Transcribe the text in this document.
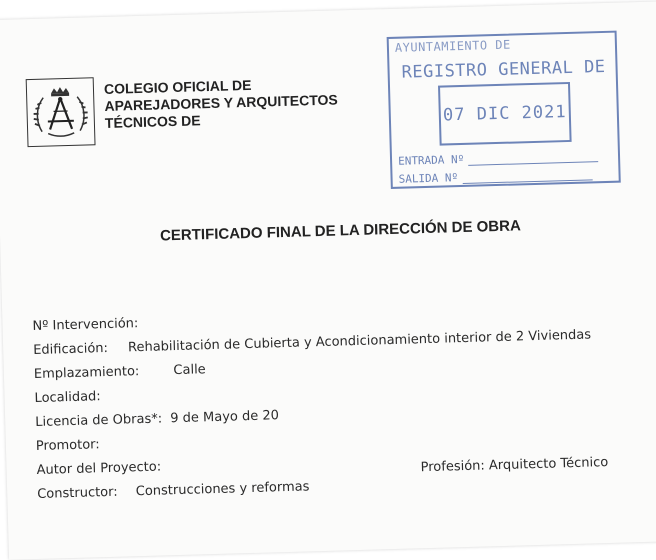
COLEGIO OFICIAL DE
APAREJADORES Y ARQUITECTOS
TÉCNICOS DE
AYUNTAMIENTO DE
REGISTRO GENERAL DE
07 DIC 2021
ENTRADA Nº
SALIDA Nº
CERTIFICADO FINAL DE LA DIRECCIÓN DE OBRA
Nº Intervención:
Edificación: Rehabilitación de Cubierta y Acondicionamiento interior de 2 Viviendas
Emplazamiento:	Calle
Localidad:
Licencia de Obras*: 9 de Mayo de 20
Promotor:
Autor del Proyecto:
Constructor: Construcciones y reformas
Profesión: Arquitecto Técnico
